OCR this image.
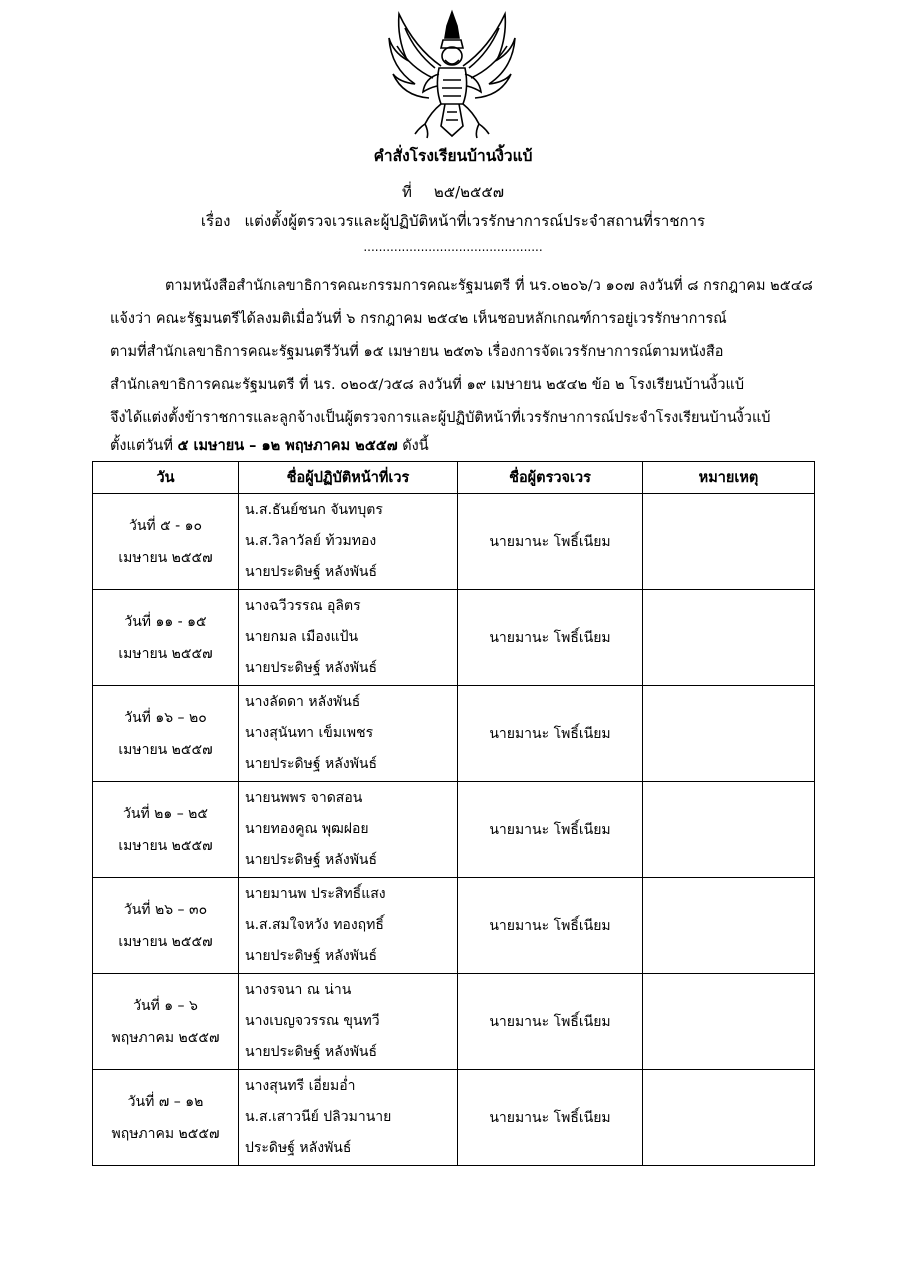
คำสั่งโรงเรียนบ้านงิ้วแบ้
ที่ ๒๕/๒๕๕๗
เรื่อง แต่งตั้งผู้ตรวจเวรและผู้ปฏิบัติหน้าที่เวรรักษาการณ์ประจำสถานที่ราชการ
...............................................
ตามหนังสือสำนักเลขาธิการคณะกรรมการคณะรัฐมนตรี ที่ นร.๐๒๐๖/ว ๑๐๗ ลงวันที่ ๘ กรกฎาคม ๒๕๔๘
แจ้งว่า คณะรัฐมนตรีได้ลงมติเมื่อวันที่ ๖ กรกฎาคม ๒๕๔๒ เห็นชอบหลักเกณฑ์การอยู่เวรรักษาการณ์
ตามที่สำนักเลขาธิการคณะรัฐมนตรีวันที่ ๑๕ เมษายน ๒๕๓๖ เรื่องการจัดเวรรักษาการณ์ตามหนังสือ
สำนักเลขาธิการคณะรัฐมนตรี ที่ นร. ๐๒๐๕/ว๕๘ ลงวันที่ ๑๙ เมษายน ๒๕๔๒ ข้อ ๒ โรงเรียนบ้านงิ้วแบ้
จึงได้แต่งตั้งข้าราชการและลูกจ้างเป็นผู้ตรวจการและผู้ปฏิบัติหน้าที่เวรรักษาการณ์ประจำโรงเรียนบ้านงิ้วแบ้
ตั้งแต่วันที่ ๕ เมษายน – ๑๒ พฤษภาคม ๒๕๕๗ ดังนี้
วัน	ชื่อผู้ปฏิบัติหน้าที่เวร	ชื่อผู้ตรวจเวร	หมายเหตุ

วันที่ ๕ - ๑๐
เมษายน ๒๕๕๗	น.ส.ธันย์ชนก จันทบุตร
น.ส.วิลาวัลย์ ท้วมทอง
นายประดิษฐ์ หลังพันธ์	นายมานะ โพธิ์เนียม	

วันที่ ๑๑ - ๑๕
เมษายน ๒๕๕๗	นางฉวีวรรณ อุลิตร
นายกมล เมืองแป้น
นายประดิษฐ์ หลังพันธ์	นายมานะ โพธิ์เนียม	

วันที่ ๑๖ – ๒๐
เมษายน ๒๕๕๗	นางลัดดา หลังพันธ์
นางสุนันทา เข็มเพชร
นายประดิษฐ์ หลังพันธ์	นายมานะ โพธิ์เนียม	

วันที่ ๒๑ – ๒๕
เมษายน ๒๕๕๗	นายนพพร จาดสอน
นายทองคูณ พุฒฝอย
นายประดิษฐ์ หลังพันธ์	นายมานะ โพธิ์เนียม	

วันที่ ๒๖ – ๓๐
เมษายน ๒๕๕๗	นายมานพ ประสิทธิ์แสง
น.ส.สมใจหวัง ทองฤทธิ์
นายประดิษฐ์ หลังพันธ์	นายมานะ โพธิ์เนียม	

วันที่ ๑ – ๖
พฤษภาคม ๒๕๕๗	นางรจนา ณ น่าน
นางเบญจวรรณ ขุนทวี
นายประดิษฐ์ หลังพันธ์	นายมานะ โพธิ์เนียม	

วันที่ ๗ – ๑๒
พฤษภาคม ๒๕๕๗	นางสุนทรี เอี่ยมอ่ำ
น.ส.เสาวนีย์ ปลิวมานาย
ประดิษฐ์ หลังพันธ์	นายมานะ โพธิ์เนียม	
